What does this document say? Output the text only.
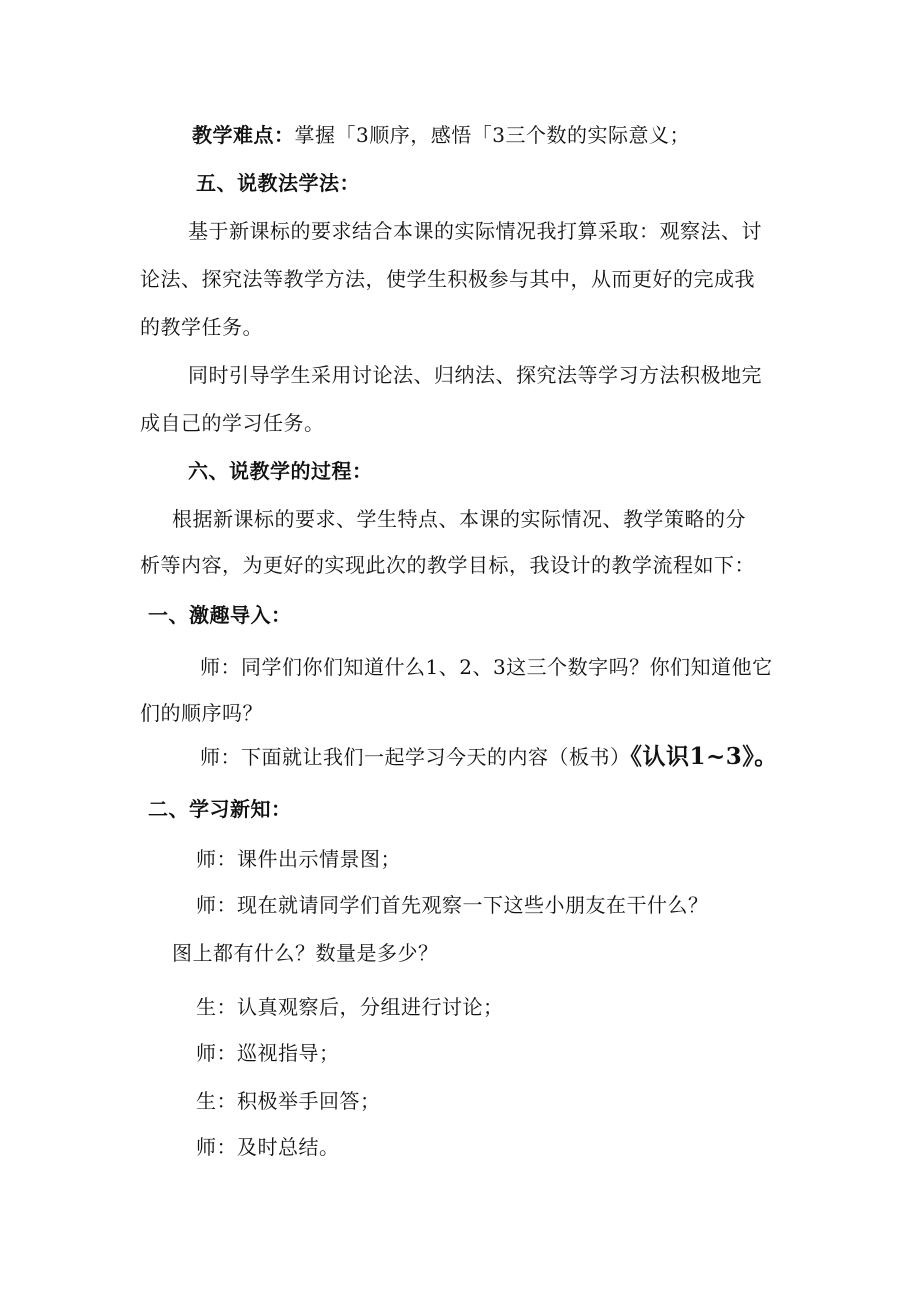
教学难点：掌握「3顺序，感悟「3三个数的实际意义；
五、说教法学法：
基于新课标的要求结合本课的实际情况我打算采取：观察法、讨
论法、探究法等教学方法，使学生积极参与其中，从而更好的完成我
的教学任务。
同时引导学生采用讨论法、归纳法、探究法等学习方法积极地完
成自己的学习任务。
六、说教学的过程：
根据新课标的要求、学生特点、本课的实际情况、教学策略的分
析等内容，为更好的实现此次的教学目标，我设计的教学流程如下：
一、激趣导入：
师：同学们你们知道什么1、2、3这三个数字吗？你们知道他它
们的顺序吗？
师：下面就让我们一起学习今天的内容（板书）《认识1~3》。
二、学习新知：
师：课件出示情景图；
师：现在就请同学们首先观察一下这些小朋友在干什么？
图上都有什么？数量是多少？
生：认真观察后，分组进行讨论；
师：巡视指导；
生：积极举手回答；
师：及时总结。
